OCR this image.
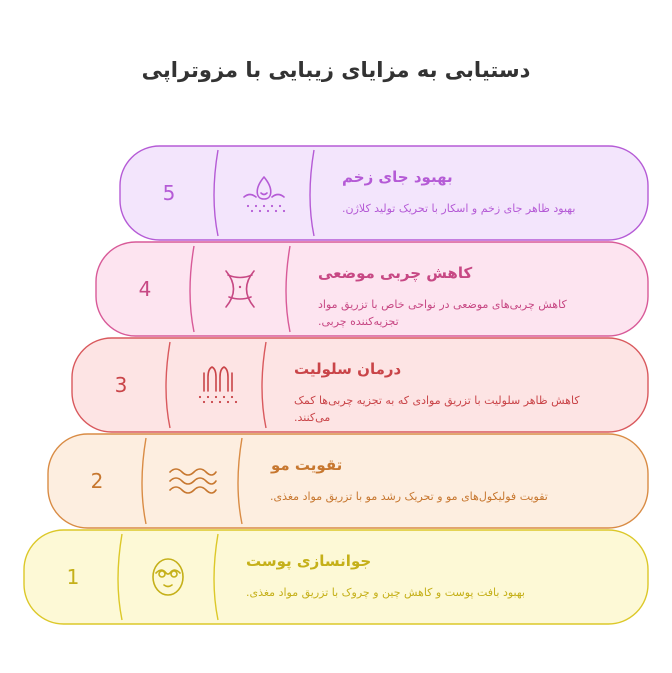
دستیابی به مزایای زیبایی با مزوتراپی
5
بهبود جای زخم
بهبود ظاهر جای زخم و اسکار با تحریک تولید کلاژن.
4
کاهش چربی موضعی
کاهش چربی‌های موضعی در نواحی خاص با تزریق مواد
تجزیه‌کننده چربی.
3
درمان سلولیت
کاهش ظاهر سلولیت با تزریق موادی که به تجزیه چربی‌ها کمک
می‌کنند.
2
تقویت مو
تقویت فولیکول‌های مو و تحریک رشد مو با تزریق مواد مغذی.
1
جوانسازی پوست
بهبود بافت پوست و کاهش چین و چروک با تزریق مواد مغذی.
